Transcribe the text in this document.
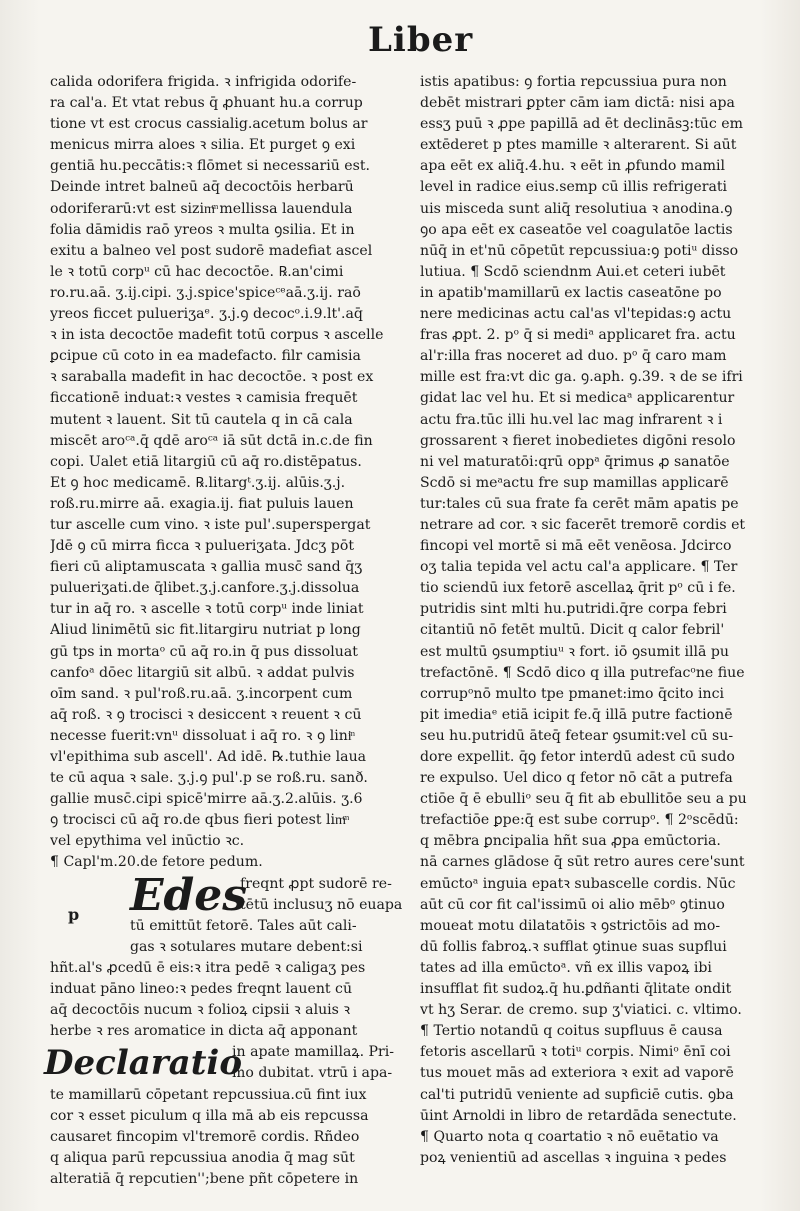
Liber
calida odorifera frigida. ꝛ infrigida odorife-
ra cal'a. Et vtat rebus q̄ ꝓhuant hu.a corrup
tione vt est crocus cassialig.acetum bolus ar
menicus mirra aloes ꝛ silia. Et purget ꝯ exi
gentiā hu.peccātis:ꝛ flōmet si necessariū est.
Deinde intret balneū aq̄ decoctōis herbarū
odoriferarū:vt est sizimͫ mellissa lauendula
folia dāmidis raō yreos ꝛ multa ꝯsilia. Et in
exitu a balneo vel post sudorē madefiat ascel
le ꝛ totū corpᵘ cū hac decoctōe. ℞.an'cimi
ro.ru.aā. ʒ.ij.cipi. ʒ.j.spice'spiceᶜᵉaā.ʒ.ij. raō
yreos ficcet pulueriʒaᵉ. ʒ.j.ꝯ decocᵒ.i.9.lt'.aq̄
ꝛ in ista decoctōe madefit totū corpus ꝛ ascelle
ꝑcipue cū coto in ea madefacto. filr camisia
ꝛ saraballa madefit in hac decoctōe. ꝛ post ex
ficcationē induat:ꝛ vestes ꝛ camisia frequēt
mutent ꝛ lauent. Sit tū cautela q in cā cala
miscēt aroᶜᵃ.q̄ qdē aroᶜᵃ iā sūt dctā in.c.de fin
copi. Ualet etiā litargiū cū aq̄ ro.distēpatus.
Et ꝯ hoc medicamē. ℞.litargᵗ.ʒ.ij. alūis.ʒ.j.
roß.ru.mirre aā. exagia.ij. fiat puluis lauen
tur ascelle cum vino. ꝛ iste pul'.superspergat
Jdē ꝯ cū mirra ficca ꝛ pulueriʒata. Jdcʒ pōt
fieri cū aliptamuscata ꝛ gallia musc̄ sand q̄ʒ
pulueriʒati.de q̄libet.ʒ.j.canfore.ʒ.j.dissolua
tur in aq̄ ro. ꝛ ascelle ꝛ totū corpᵘ inde liniat
Aliud linimētū sic fit.litargiru nutriat p long
gū tps in mortaᵒ cū aq̄ ro.in q̄ pus dissoluat
canfoᵃ dōec litargiū sit albū. ꝛ addat pulvis
oīm sand. ꝛ pul'roß.ru.aā. ʒ.incorpent cum
aq̄ roß. ꝛ ꝯ trocisci ꝛ desiccent ꝛ reuent ꝛ cū
necesse fuerit:vnᵘ dissoluat i aq̄ ro. ꝛ ꝯ liniͫ
vl'epithima sub ascell'. Ad idē. ℞.tuthie laua
te cū aqua ꝛ sale. ʒ.j.ꝯ pul'.p se roß.ru. sanð.
gallie musc̄.cipi spicē'mirre aā.ʒ.2.alūis. ʒ.6
ꝯ trocisci cū aq̄ ro.de qbus fieri potest limͫ
vel epythima vel inūctio ꝛc.
¶ Capl'm.20.de fetore pedum.
p Edes
freqnt ꝓpt sudorē re-
tētū inclusuʒ nō euapa
tū emittūt fetorē. Tales aūt cali-
gas ꝛ sotulares mutare debent:si
hñt.al's ꝓcedū ē eis:ꝛ itra pedē ꝛ caligaʒ pes
induat pāno lineo:ꝛ pedes freqnt lauent cū
aq̄ decoctōis nucum ꝛ folioꝝ cipsii ꝛ aluis ꝛ
herbe ꝛ res aromatice in dicta aq̄ apponant
Declaratio
in apate mamillaꝝ. Pri-
mo dubitat. vtrū i apa-
te mamillarū cōpetant repcussiua.cū fint iux
cor ꝛ esset piculum q illa mā ab eis repcussa
causaret fincopim vl'tremorē cordis. Rñdeo
q aliqua parū repcussiua anodia q̄ mag sūt
alteratiā q̄ repcutien'';bene pñt cōpetere in
istis apatibus: ꝯ fortia repcussiua pura non
debēt mistrari ꝑpter cām iam dictā: nisi apa
essʒ puū ꝛ ꝓpe papillā ad ēt declināsꝫ:tūc em
extēderet p ptes mamille ꝛ alterarent. Si aūt
apa eēt ex aliq̄.4.hu. ꝛ eēt in ꝓfundo mamil
level in radice eius.semp cū illis refrigerati
uis misceda sunt aliq̄ resolutiua ꝛ anodina.ꝯ
ꝯo apa eēt ex caseatōe vel coagulatōe lactis
nūq̄ in et'nū cōpetūt repcussiua:ꝯ potiᵘ disso
lutiua. ¶ Scdō sciendnm Aui.et ceteri iubēt
in apatib'mamillarū ex lactis caseatōne po
nere medicinas actu cal'as vl'tepidas:ꝯ actu
fras ꝓpt. 2. pᵒ q̄ si mediᵃ applicaret fra. actu
al'r:illa fras noceret ad duo. pᵒ q̄ caro mam
mille est fra:vt dic ga. ꝯ.aph. ꝯ.39. ꝛ de se ifri
gidat lac vel hu. Et si medicaᵃ applicarentur
actu fra.tūc illi hu.vel lac mag infrarent ꝛ i
grossarent ꝛ fieret inobedietes digōni resolo
ni vel maturatōi:qrū oppᵃ q̄rimus ꝓ sanatōe
Scdō si meᵃactu fre sup mamillas applicarē
tur:tales cū sua frate fa cerēt mām apatis pe
netrare ad cor. ꝛ sic facerēt tremorē cordis et
fincopi vel mortē si mā eēt venēosa. Jdcirco
oʒ talia tepida vel actu cal'a applicare. ¶ Ter
tio sciendū iux fetorē ascellaꝝ q̄rit pᵒ cū i fe.
putridis sint mlti hu.putridi.q̄re corpa febri
citantiū nō fetēt multū. Dicit q calor febril'
est multū ꝯsumptiuᵘ ꝛ fort. iō ꝯsumit illā pu
trefactōnē. ¶ Scdō dico q illa putrefacᵒne fiue
corrupᵒnō multo tpe pmanet:imo q̄cito inci
pit imediaᵉ etiā icipit fe.q̄ illā putre factionē
seu hu.putridū āteq̄ fetear ꝯsumit:vel cū su-
dore expellit. q̄ꝯ fetor interdū adest cū sudo
re expulso. Uel dico q fetor nō cāt a putrefa
ctiōe q̄ ē ebulliᵒ seu q̄ fit ab ebullitōe seu a pu
trefactiōe ꝑpe:q̄ est sube corrupᵒ. ¶ 2ᵒscēdū:
q mēbra ꝑncipalia hñt sua ꝓpa emūctoria.
nā carnes glādose q̄ sūt retro aures cere'sunt
emūctoᵃ inguia epatꝛ subascelle cordis. Nūc
aūt cū cor fit cal'issimū oi alio mēbᵒ ꝯtinuo
moueat motu dilatatōis ꝛ ꝯstrictōis ad mo-
dū follis fabroꝝ.ꝛ sufflat ꝯtinue suas supflui
tates ad illa emūctoᵃ. vñ ex illis vapoꝝ ibi
insufflat fit sudoꝝ.q̄ hu.ꝑdñanti q̄litate ondit
vt hʒ Serar. de cremo. sup ʒ'viatici. c. vltimo.
¶ Tertio notandū q coitus supfluus ē causa
fetoris ascellarū ꝛ totiᵘ corpis. Nimiᵒ ēnī coi
tus mouet mās ad exteriora ꝛ exit ad vaporē
cal'ti putridū veniente ad supficiē cutis. ꝯba
ūint Arnoldi in libro de retardāda senectute.
¶ Quarto nota q coartatio ꝛ nō euētatio va
poꝝ venientiū ad ascellas ꝛ inguina ꝛ pedes
